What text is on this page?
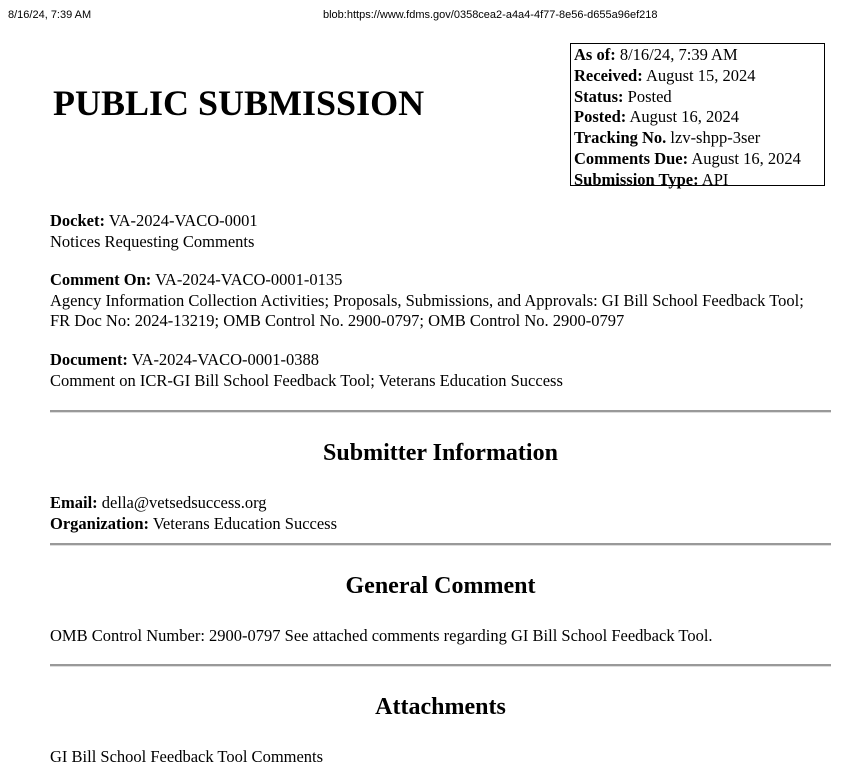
8/16/24, 7:39 AM	blob:https://www.fdms.gov/0358cea2-a4a4-4f77-8e56-d655a96ef218
PUBLIC SUBMISSION
As of: 8/16/24, 7:39 AM
Received: August 15, 2024
Status: Posted
Posted: August 16, 2024
Tracking No. lzv-shpp-3ser
Comments Due: August 16, 2024
Submission Type: API
Docket: VA-2024-VACO-0001
Notices Requesting Comments
Comment On: VA-2024-VACO-0001-0135
Agency Information Collection Activities; Proposals, Submissions, and Approvals: GI Bill School Feedback Tool; FR Doc No: 2024-13219; OMB Control No. 2900-0797; OMB Control No. 2900-0797
Document: VA-2024-VACO-0001-0388
Comment on ICR-GI Bill School Feedback Tool; Veterans Education Success
Submitter Information
Email: della@vetsedsuccess.org
Organization: Veterans Education Success
General Comment
OMB Control Number: 2900-0797 See attached comments regarding GI Bill School Feedback Tool.
Attachments
GI Bill School Feedback Tool Comments
